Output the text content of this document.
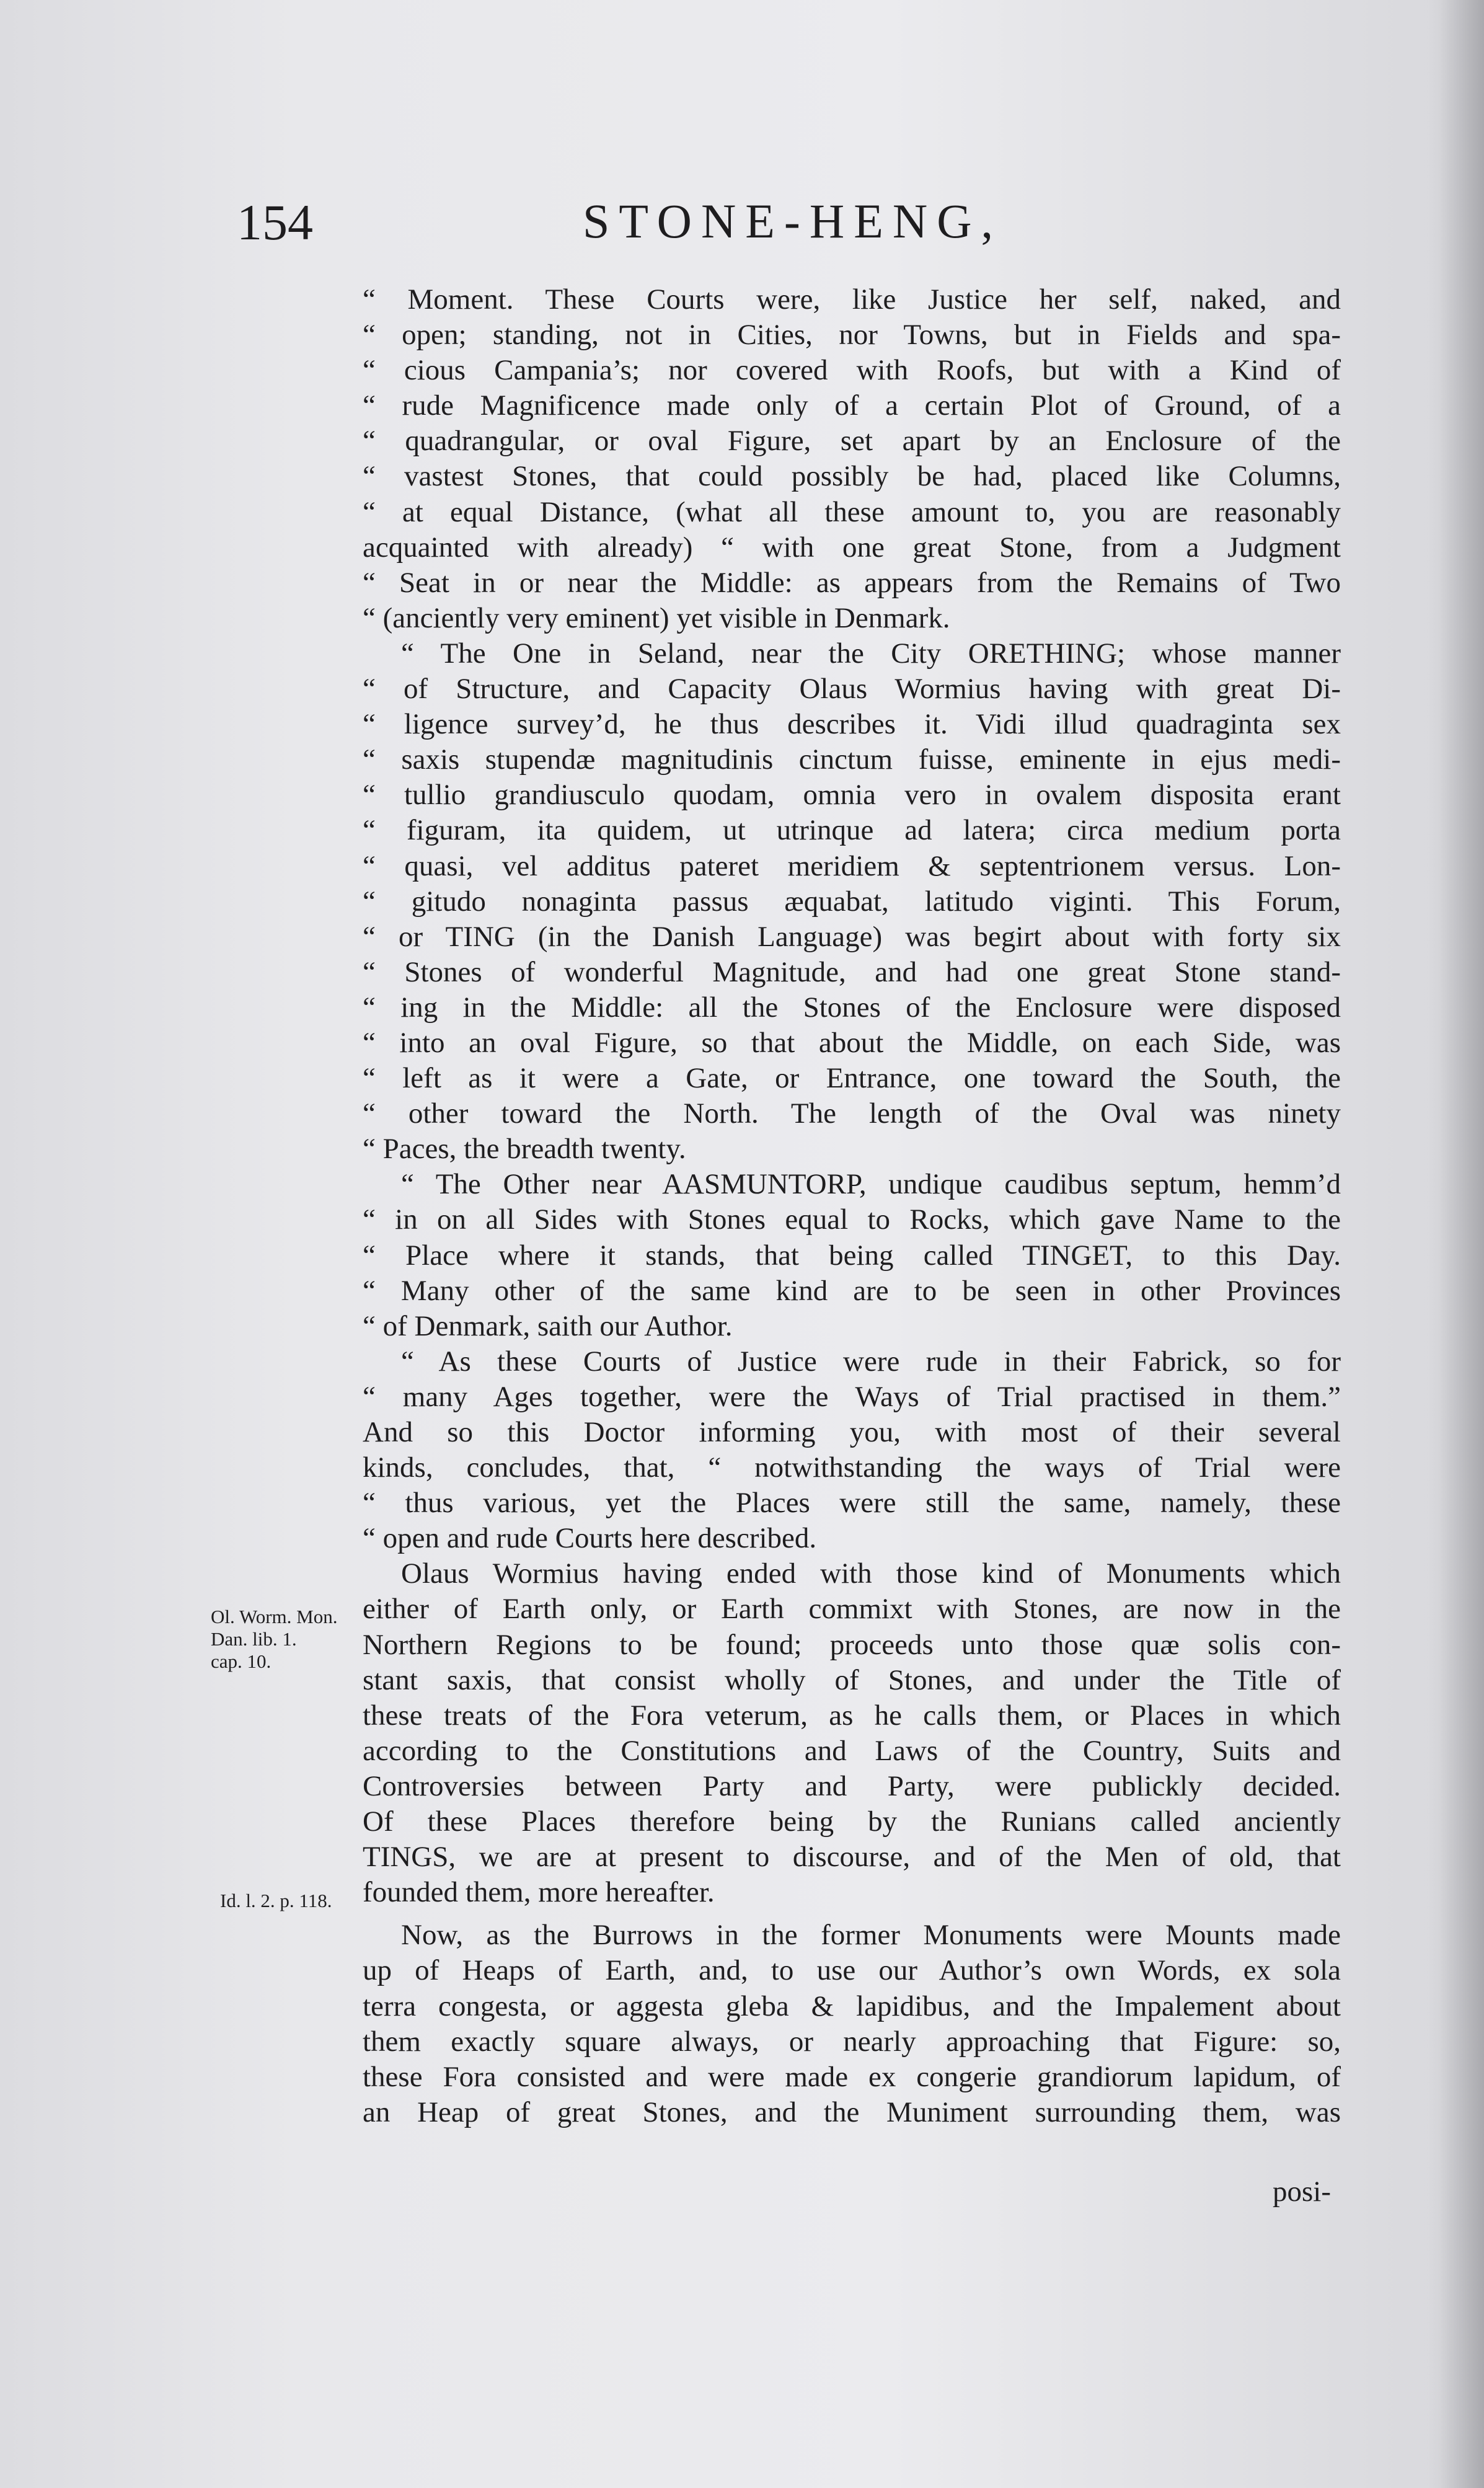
154	STONE-HENG,
“ Moment. These Courts were, like Justice her self, naked, and
“ open; standing, not in Cities, nor Towns, but in Fields and spa-
“ cious Campania’s; nor covered with Roofs, but with a Kind of
“ rude Magnificence made only of a certain Plot of Ground, of a
“ quadrangular, or oval Figure, set apart by an Enclosure of the
“ vastest Stones, that could possibly be had, placed like Columns,
“ at equal Distance, (what all these amount to, you are reasonably
acquainted with already) “ with one great Stone, from a Judgment
“ Seat in or near the Middle: as appears from the Remains of Two
“ (anciently very eminent) yet visible in Denmark.
“ The One in Seland, near the City ORETHING; whose manner
“ of Structure, and Capacity Olaus Wormius having with great Di-
“ ligence survey’d, he thus describes it. Vidi illud quadraginta sex
“ saxis stupendæ magnitudinis cinctum fuisse, eminente in ejus medi-
“ tullio grandiusculo quodam, omnia vero in ovalem disposita erant
“ figuram, ita quidem, ut utrinque ad latera; circa medium porta
“ quasi, vel additus pateret meridiem & septentrionem versus. Lon-
“ gitudo nonaginta passus æquabat, latitudo viginti. This Forum,
“ or TING (in the Danish Language) was begirt about with forty six
“ Stones of wonderful Magnitude, and had one great Stone stand-
“ ing in the Middle: all the Stones of the Enclosure were disposed
“ into an oval Figure, so that about the Middle, on each Side, was
“ left as it were a Gate, or Entrance, one toward the South, the
“ other toward the North. The length of the Oval was ninety
“ Paces, the breadth twenty.
“ The Other near AASMUNTORP, undique caudibus septum, hemm’d
“ in on all Sides with Stones equal to Rocks, which gave Name to the
“ Place where it stands, that being called TINGET, to this Day.
“ Many other of the same kind are to be seen in other Provinces
“ of Denmark, saith our Author.
“ As these Courts of Justice were rude in their Fabrick, so for
“ many Ages together, were the Ways of Trial practised in them.”
And so this Doctor informing you, with most of their several
kinds, concludes, that, “ notwithstanding the ways of Trial were
“ thus various, yet the Places were still the same, namely, these
“ open and rude Courts here described.
Olaus Wormius having ended with those kind of Monuments which
either of Earth only, or Earth commixt with Stones, are now in the
Northern Regions to be found; proceeds unto those quæ solis con-
stant saxis, that consist wholly of Stones, and under the Title of
these treats of the Fora veterum, as he calls them, or Places in which
according to the Constitutions and Laws of the Country, Suits and
Controversies between Party and Party, were publickly decided.
Of these Places therefore being by the Runians called anciently
TINGS, we are at present to discourse, and of the Men of old, that
founded them, more hereafter.
Now, as the Burrows in the former Monuments were Mounts made
up of Heaps of Earth, and, to use our Author’s own Words, ex sola
terra congesta, or aggesta gleba & lapidibus, and the Impalement about
them exactly square always, or nearly approaching that Figure: so,
these Fora consisted and were made ex congerie grandiorum lapidum, of
an Heap of great Stones, and the Muniment surrounding them, was
Ol. Worm. Mon.
Dan. lib. 1.
cap. 10.
Id. l. 2. p. 118.
posi-
